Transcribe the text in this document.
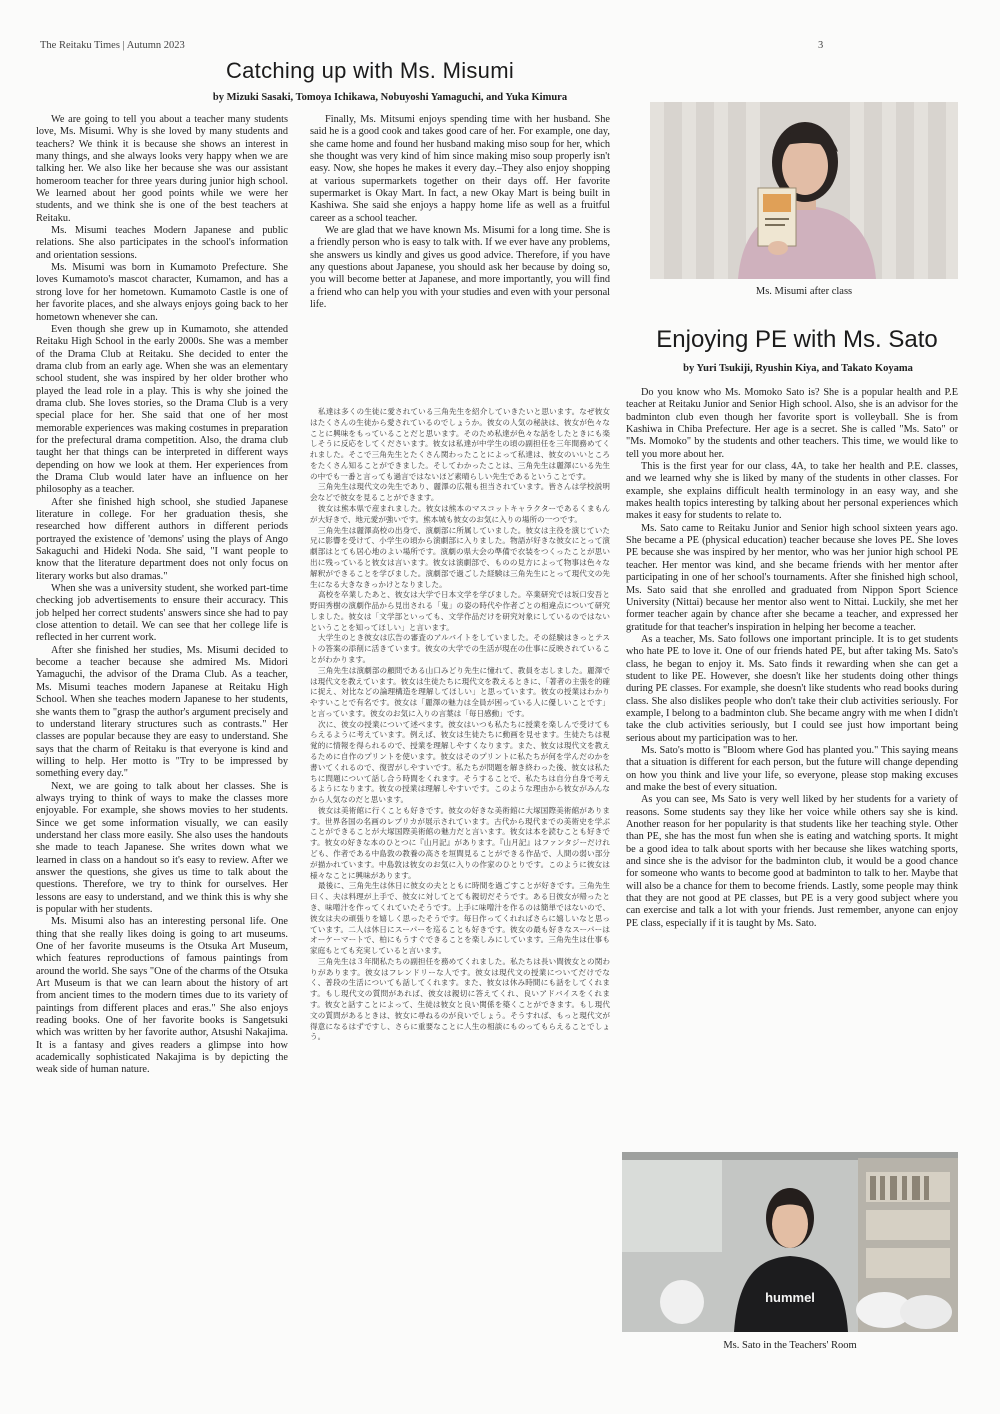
The Reitaku Times | Autumn 2023	3
Catching up with Ms. Misumi

by Mizuki Sasaki, Tomoya Ichikawa, Nobuyoshi Yamaguchi, and Yuka Kimura

We are going to tell you about a teacher many students love, Ms. Misumi. Why is she loved by many students and teachers? We think it is because she shows an interest in many things, and she always looks very happy when we are talking her. We also like her because she was our assistant homeroom teacher for three years during junior high school. We learned about her good points while we were her students, and we think she is one of the best teachers at Reitaku.

Ms. Misumi teaches Modern Japanese and public relations. She also participates in the school's information and orientation sessions.

Ms. Misumi was born in Kumamoto Prefecture. She loves Kumamoto's mascot character, Kumamon, and has a strong love for her hometown. Kumamoto Castle is one of her favorite places, and she always enjoys going back to her hometown whenever she can.

Even though she grew up in Kumamoto, she attended Reitaku High School in the early 2000s. She was a member of the Drama Club at Reitaku. She decided to enter the drama club from an early age. When she was an elementary school student, she was inspired by her older brother who played the lead role in a play. This is why she joined the drama club. She loves stories, so the Drama Club is a very special place for her. She said that one of her most memorable experiences was making costumes in preparation for the prefectural drama competition. Also, the drama club taught her that things can be interpreted in different ways depending on how we look at them. Her experiences from the Drama Club would later have an influence on her philosophy as a teacher.

After she finished high school, she studied Japanese literature in college. For her graduation thesis, she researched how different authors in different periods portrayed the existence of 'demons' using the plays of Ango Sakaguchi and Hideki Noda. She said, "I want people to know that the literature department does not only focus on literary works but also dramas."

When she was a university student, she worked part-time checking job advertisements to ensure their accuracy. This job helped her correct students' answers since she had to pay close attention to detail. We can see that her college life is reflected in her current work.

After she finished her studies, Ms. Misumi decided to become a teacher because she admired Ms. Midori Yamaguchi, the advisor of the Drama Club. As a teacher, Ms. Misumi teaches modern Japanese at Reitaku High School. When she teaches modern Japanese to her students, she wants them to "grasp the author's argument precisely and to understand literary structures such as contrasts." Her classes are popular because they are easy to understand. She says that the charm of Reitaku is that everyone is kind and willing to help. Her motto is "Try to be impressed by something every day."

Next, we are going to talk about her classes. She is always trying to think of ways to make the classes more enjoyable. For example, she shows movies to her students. Since we get some information visually, we can easily understand her class more easily. She also uses the handouts she made to teach Japanese. She writes down what we learned in class on a handout so it's easy to review. After we answer the questions, she gives us time to talk about the questions. Therefore, we try to think for ourselves. Her lessons are easy to understand, and we think this is why she is popular with her students.

Ms. Misumi also has an interesting personal life. One thing that she really likes doing is going to art museums. One of her favorite museums is the Otsuka Art Museum, which features reproductions of famous paintings from around the world. She says "One of the charms of the Otsuka Art Museum is that we can learn about the history of art from ancient times to the modern times due to its variety of paintings from different places and eras." She also enjoys reading books. One of her favorite books is Sangetsuki which was written by her favorite author, Atsushi Nakajima. It is a fantasy and gives readers a glimpse into how academically sophisticated Nakajima is by depicting the weak side of human nature.

Finally, Ms. Mitsumi enjoys spending time with her husband. She said he is a good cook and takes good care of her. For example, one day, she came home and found her husband making miso soup for her, which she thought was very kind of him since making miso soup properly isn't easy. Now, she hopes he makes it every day.–They also enjoy shopping at various supermarkets together on their days off. Her favorite supermarket is Okay Mart. In fact, a new Okay Mart is being built in Kashiwa. She said she enjoys a happy home life as well as a fruitful career as a school teacher.

We are glad that we have known Ms. Misumi for a long time. She is a friendly person who is easy to talk with. If we ever have any problems, she answers us kindly and gives us good advice. Therefore, if you have any questions about Japanese, you should ask her because by doing so, you will become better at Japanese, and more importantly, you will find a friend who can help you with your studies and even with your personal life.

私達は多くの生徒に愛されている三角先生を紹介していきたいと思います。なぜ彼女はたくさんの生徒から愛されているのでしょうか。彼女の人気の秘訣は、彼女が色々なことに興味をもっていることだと思います。そのため私達が色々な話をしたときにも楽しそうに反応をしてくださいます。彼女は私達が中学生の頃の副担任を三年間務めてくれました。そこで三角先生とたくさん関わったことによって私達は、彼女のいいところをたくさん知ることができました。そしてわかったことは、三角先生は麗澤にいる先生の中でも一番と言っても過言ではないほど素晴らしい先生であるということです。

三角先生は現代文の先生であり、麗澤の広報も担当されています。皆さんは学校説明会などで彼女を見ることができます。

彼女は熊本県で産まれました。彼女は熊本のマスコットキャラクターであるくまもんが大好きで、地元愛が強いです。熊本城も彼女のお気に入りの場所の一つです。

三角先生は麗澤高校の出身で、演劇部に所属していました。彼女は主役を演じていた兄に影響を受けて、小学生の頃から演劇部に入りました。物語が好きな彼女にとって演劇部はとても居心地のよい場所です。演劇の県大会の準備で衣装をつくったことが思い出に残っていると彼女は言います。彼女は演劇部で、ものの見方によって物事は色々な解釈ができることを学びました。演劇部で過ごした経験は三角先生にとって現代文の先生になる大きなきっかけとなりました。

高校を卒業したあと、彼女は大学で日本文学を学びました。卒業研究では坂口安吾と野田秀樹の演劇作品から見出される「鬼」の姿の時代や作者ごとの相違点について研究しました。彼女は「文学部といっても、文学作品だけを研究対象にしているのではないということを知ってほしい」と言います。

大学生のとき彼女は広告の審査のアルバイトをしていました。その経験はきっとテストの答案の添削に活きています。彼女の大学での生活が現在の仕事に反映されていることがわかります。

三角先生は演劇部の顧問である山口みどり先生に憧れて、教員を志しました。麗澤では現代文を教えています。彼女は生徒たちに現代文を教えるときに、「著者の主張を的確に捉え、対比などの論理構造を理解してほしい」と思っています。彼女の授業はわかりやすいことで有名です。彼女は「麗澤の魅力は全員が困っている人に優しいことです」と言っています。彼女のお気に入りの言葉は「毎日感動」です。

次に、彼女の授業について述べます。彼女はいつも私たちに授業を楽しんで受けてもらえるように考えています。例えば、彼女は生徒たちに動画を見せます。生徒たちは視覚的に情報を得られるので、授業を理解しやすくなります。また、彼女は現代文を教えるために自作のプリントを使います。彼女はそのプリントに私たちが何を学んだのかを書いてくれるので、復習がしやすいです。私たちが問題を解き終わった後、彼女は私たちに問題について話し合う時間をくれます。そうすることで、私たちは自分自身で考えるようになります。彼女の授業は理解しやすいです。このような理由から彼女がみんなから人気なのだと思います。

彼女は美術館に行くことも好きです。彼女の好きな美術館に大塚国際美術館があります。世界各国の名画のレプリカが展示されています。古代から現代までの美術史を学ぶことができることが大塚国際美術館の魅力だと言います。彼女は本を読むことも好きです。彼女の好きな本のひとつに『山月記』があります。『山月記』はファンタジーだけれども、作者である中島敦の教養の高さを垣間見ることができる作品で、人間の弱い部分が描かれています。中島敦は彼女のお気に入りの作家のひとりです。このように彼女は様々なことに興味があります。

最後に、三角先生は休日に彼女の夫とともに時間を過ごすことが好きです。三角先生曰く、夫は料理が上手で、彼女に対してとても親切だそうです。ある日彼女が帰ったとき、味噌汁を作ってくれていたそうです。上手に味噌汁を作るのは簡単ではないので、彼女は夫の頑張りを嬉しく思ったそうです。毎日作ってくれればさらに嬉しいなと思っています。二人は休日にスーパーを巡ることも好きです。彼女の最も好きなスーパーはオーケーマートで、柏にもうすぐできることを楽しみにしています。三角先生は仕事も家庭もとても充実していると言います。

三角先生は３年間私たちの副担任を務めてくれました。私たちは長い間彼女との関わりがあります。彼女はフレンドリーな人です。彼女は現代文の授業についてだけでなく、普段の生活についても話してくれます。また、彼女は休み時間にも話をしてくれます。もし現代文の質問があれば、彼女は親切に答えてくれ、良いアドバイスをくれます。彼女と話すことによって、生徒は彼女と良い関係を築くことができます。もし現代文の質問があるときは、彼女に尋ねるのが良いでしょう。そうすれば、もっと現代文が得意になるはずですし、さらに重要なことに人生の相談にものってもらえることでしょう。

Ms. Misumi after class

Enjoying PE with Ms. Sato

by Yuri Tsukiji, Ryushin Kiya, and Takato Koyama

Do you know who Ms. Momoko Sato is? She is a popular health and P.E teacher at Reitaku Junior and Senior High school. Also, she is an advisor for the badminton club even though her favorite sport is volleyball. She is from Kashiwa in Chiba Prefecture. Her age is a secret. She is called "Ms. Sato" or "Ms. Momoko" by the students and other teachers. This time, we would like to tell you more about her.

This is the first year for our class, 4A, to take her health and P.E. classes, and we learned why she is liked by many of the students in other classes. For example, she explains difficult health terminology in an easy way, and she makes health topics interesting by talking about her personal experiences which makes it easy for students to relate to.

Ms. Sato came to Reitaku Junior and Senior high school sixteen years ago. She became a PE (physical education) teacher because she loves PE. She loves PE because she was inspired by her mentor, who was her junior high school PE teacher. Her mentor was kind, and she became friends with her mentor after participating in one of her school's tournaments. After she finished high school, Ms. Sato said that she enrolled and graduated from Nippon Sport Science University (Nittai) because her mentor also went to Nittai. Luckily, she met her former teacher again by chance after she became a teacher, and expressed her gratitude for that teacher's inspiration in helping her become a teacher.

As a teacher, Ms. Sato follows one important principle. It is to get students who hate PE to love it. One of our friends hated PE, but after taking Ms. Sato's class, he began to enjoy it. Ms. Sato finds it rewarding when she can get a student to like PE. However, she doesn't like her students doing other things during PE classes. For example, she doesn't like students who read books during class. She also dislikes people who don't take their club activities seriously. For example, I belong to a badminton club. She became angry with me when I didn't take the club activities seriously, but I could see just how important being serious about my participation was to her.

Ms. Sato's motto is "Bloom where God has planted you." This saying means that a situation is different for each person, but the future will change depending on how you think and live your life, so everyone, please stop making excuses and make the best of every situation.

As you can see, Ms Sato is very well liked by her students for a variety of reasons. Some students say they like her voice while others say she is kind. Another reason for her popularity is that students like her teaching style. Other than PE, she has the most fun when she is eating and watching sports. It might be a good idea to talk about sports with her because she likes watching sports, and since she is the advisor for the badminton club, it would be a good chance for someone who wants to become good at badminton to talk to her. Maybe that will also be a chance for them to become friends. Lastly, some people may think that they are not good at PE classes, but PE is a very good subject where you can exercise and talk a lot with your friends. Just remember, anyone can enjoy PE class, especially if it is taught by Ms. Sato.

hummel

Ms. Sato in the Teachers' Room
